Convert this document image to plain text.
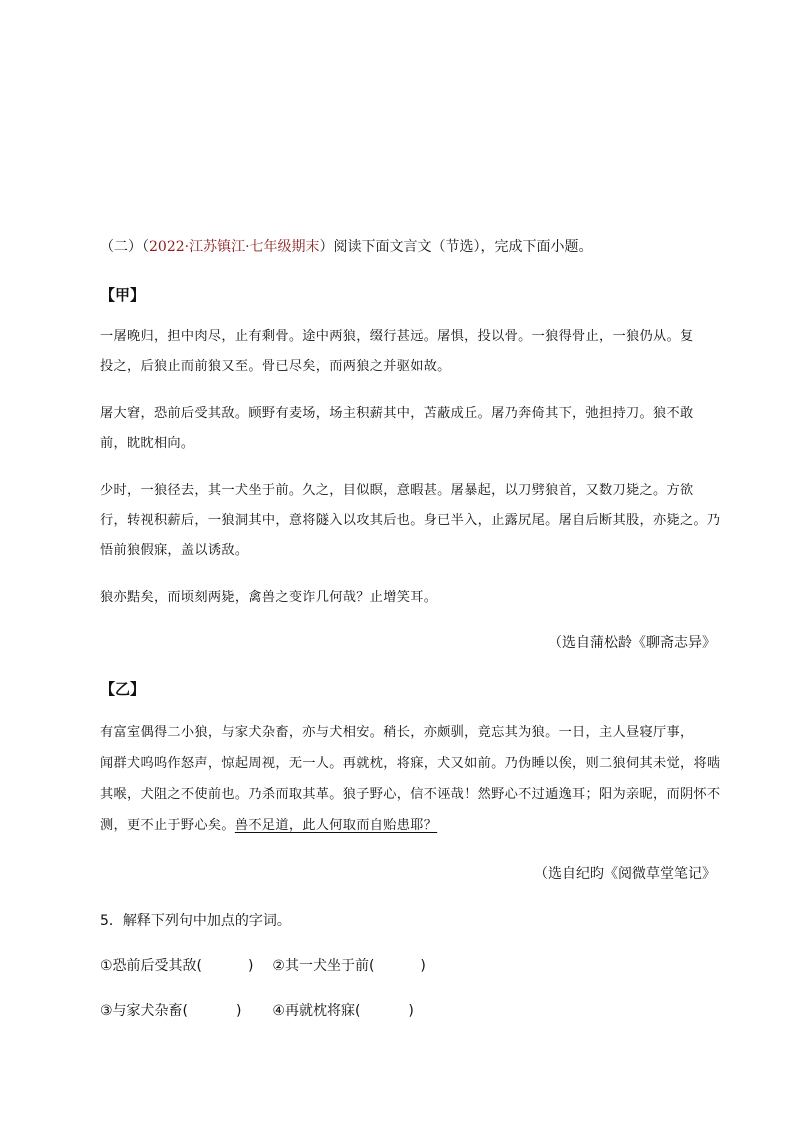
（二）（2022·江苏镇江·七年级期末）阅读下面文言文（节选），完成下面小题。
【甲】
一屠晚归，担中肉尽，止有剩骨。途中两狼，缀行甚远。屠惧，投以骨。一狼得骨止，一狼仍从。复
投之，后狼止而前狼又至。骨已尽矣，而两狼之并驱如故。
屠大窘，恐前后受其敌。顾野有麦场，场主积薪其中，苫蔽成丘。屠乃奔倚其下，弛担持刀。狼不敢
前，眈眈相向。
少时，一狼径去，其一犬坐于前。久之，目似瞑，意暇甚。屠暴起，以刀劈狼首，又数刀毙之。方欲
行，转视积薪后，一狼洞其中，意将隧入以攻其后也。身已半入，止露尻尾。屠自后断其股，亦毙之。乃
悟前狼假寐，盖以诱敌。
狼亦黠矣，而顷刻两毙，禽兽之变诈几何哉？止增笑耳。
（选自蒲松龄《聊斋志异》
【乙】
有富室偶得二小狼，与家犬杂畜，亦与犬相安。稍长，亦颇驯，竟忘其为狼。一日，主人昼寝厅事，
闻群犬呜呜作怒声，惊起周视，无一人。再就枕，将寐，犬又如前。乃伪睡以俟，则二狼伺其未觉，将啮
其喉，犬阻之不使前也。乃杀而取其革。狼子野心，信不诬哉！然野心不过遁逸耳；阳为亲昵，而阴怀不
测，更不止于野心矣。兽不足道，此人何取而自贻患耶？
（选自纪昀《阅微草堂笔记》
5．解释下列句中加点的字词。
①恐前后受其敌(	) ②其一犬坐于前(	)
③与家犬杂畜(	) ④再就枕将寐(	)
